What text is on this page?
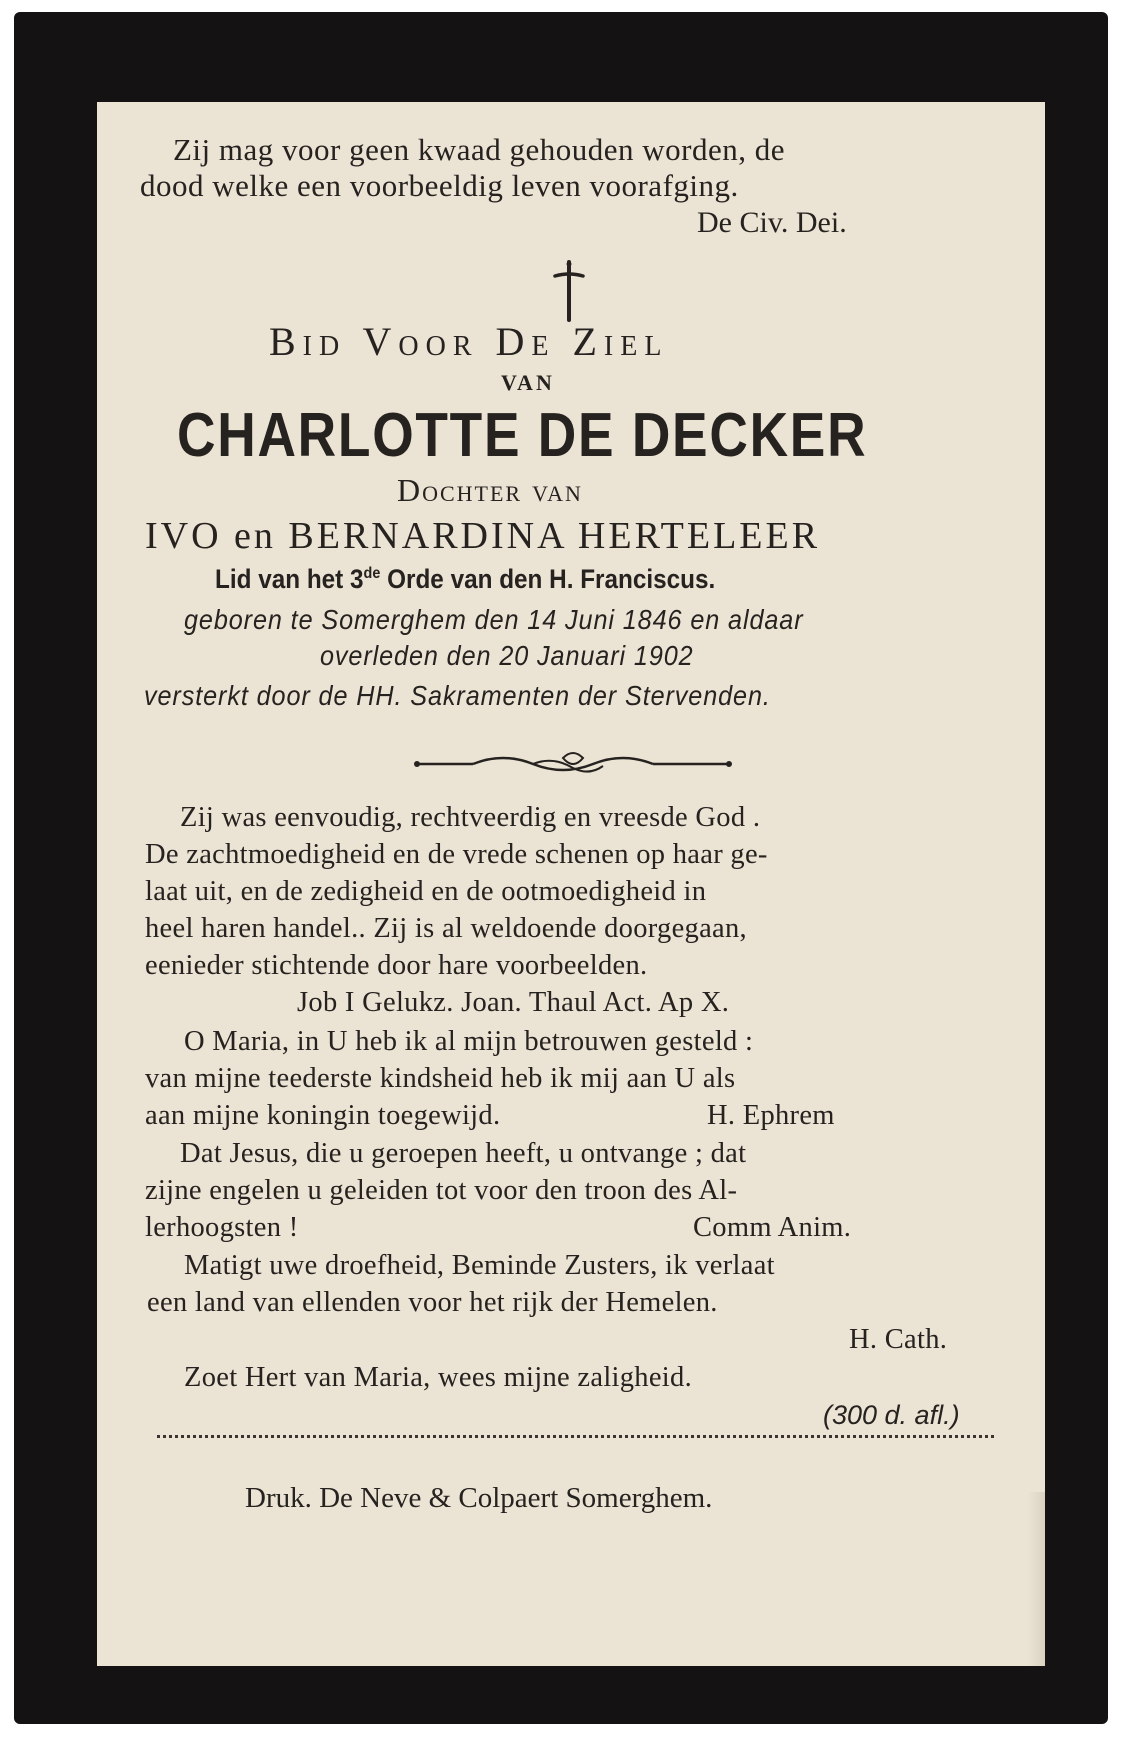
Zij mag voor geen kwaad gehouden worden, de
dood welke een voorbeeldig leven voorafging.
De Civ. Dei.
Bid Voor De Ziel
VAN
CHARLOTTE DE DECKER
Dochter van
IVO en BERNARDINA HERTELEER
Lid van het 3de Orde van den H. Franciscus.
geboren te Somerghem den 14 Juni 1846 en aldaar
overleden den 20 Januari 1902
versterkt door de HH. Sakramenten der Stervenden.
Zij was eenvoudig, rechtveerdig en vreesde God .
De zachtmoedigheid en de vrede schenen op haar ge-
laat uit, en de zedigheid en de ootmoedigheid in
heel haren handel.. Zij is al weldoende doorgegaan,
eenieder stichtende door hare voorbeelden.
Job I Gelukz. Joan. Thaul Act. Ap X.
O Maria, in U heb ik al mijn betrouwen gesteld :
van mijne teederste kindsheid heb ik mij aan U als
aan mijne koningin toegewijd.	H. Ephrem
Dat Jesus, die u geroepen heeft, u ontvange ; dat
zijne engelen u geleiden tot voor den troon des Al-
lerhoogsten !	Comm Anim.
Matigt uwe droefheid, Beminde Zusters, ik verlaat
een land van ellenden voor het rijk der Hemelen.
H. Cath.
Zoet Hert van Maria, wees mijne zaligheid.
(300 d. afl.)
Druk. De Neve & Colpaert Somerghem.
